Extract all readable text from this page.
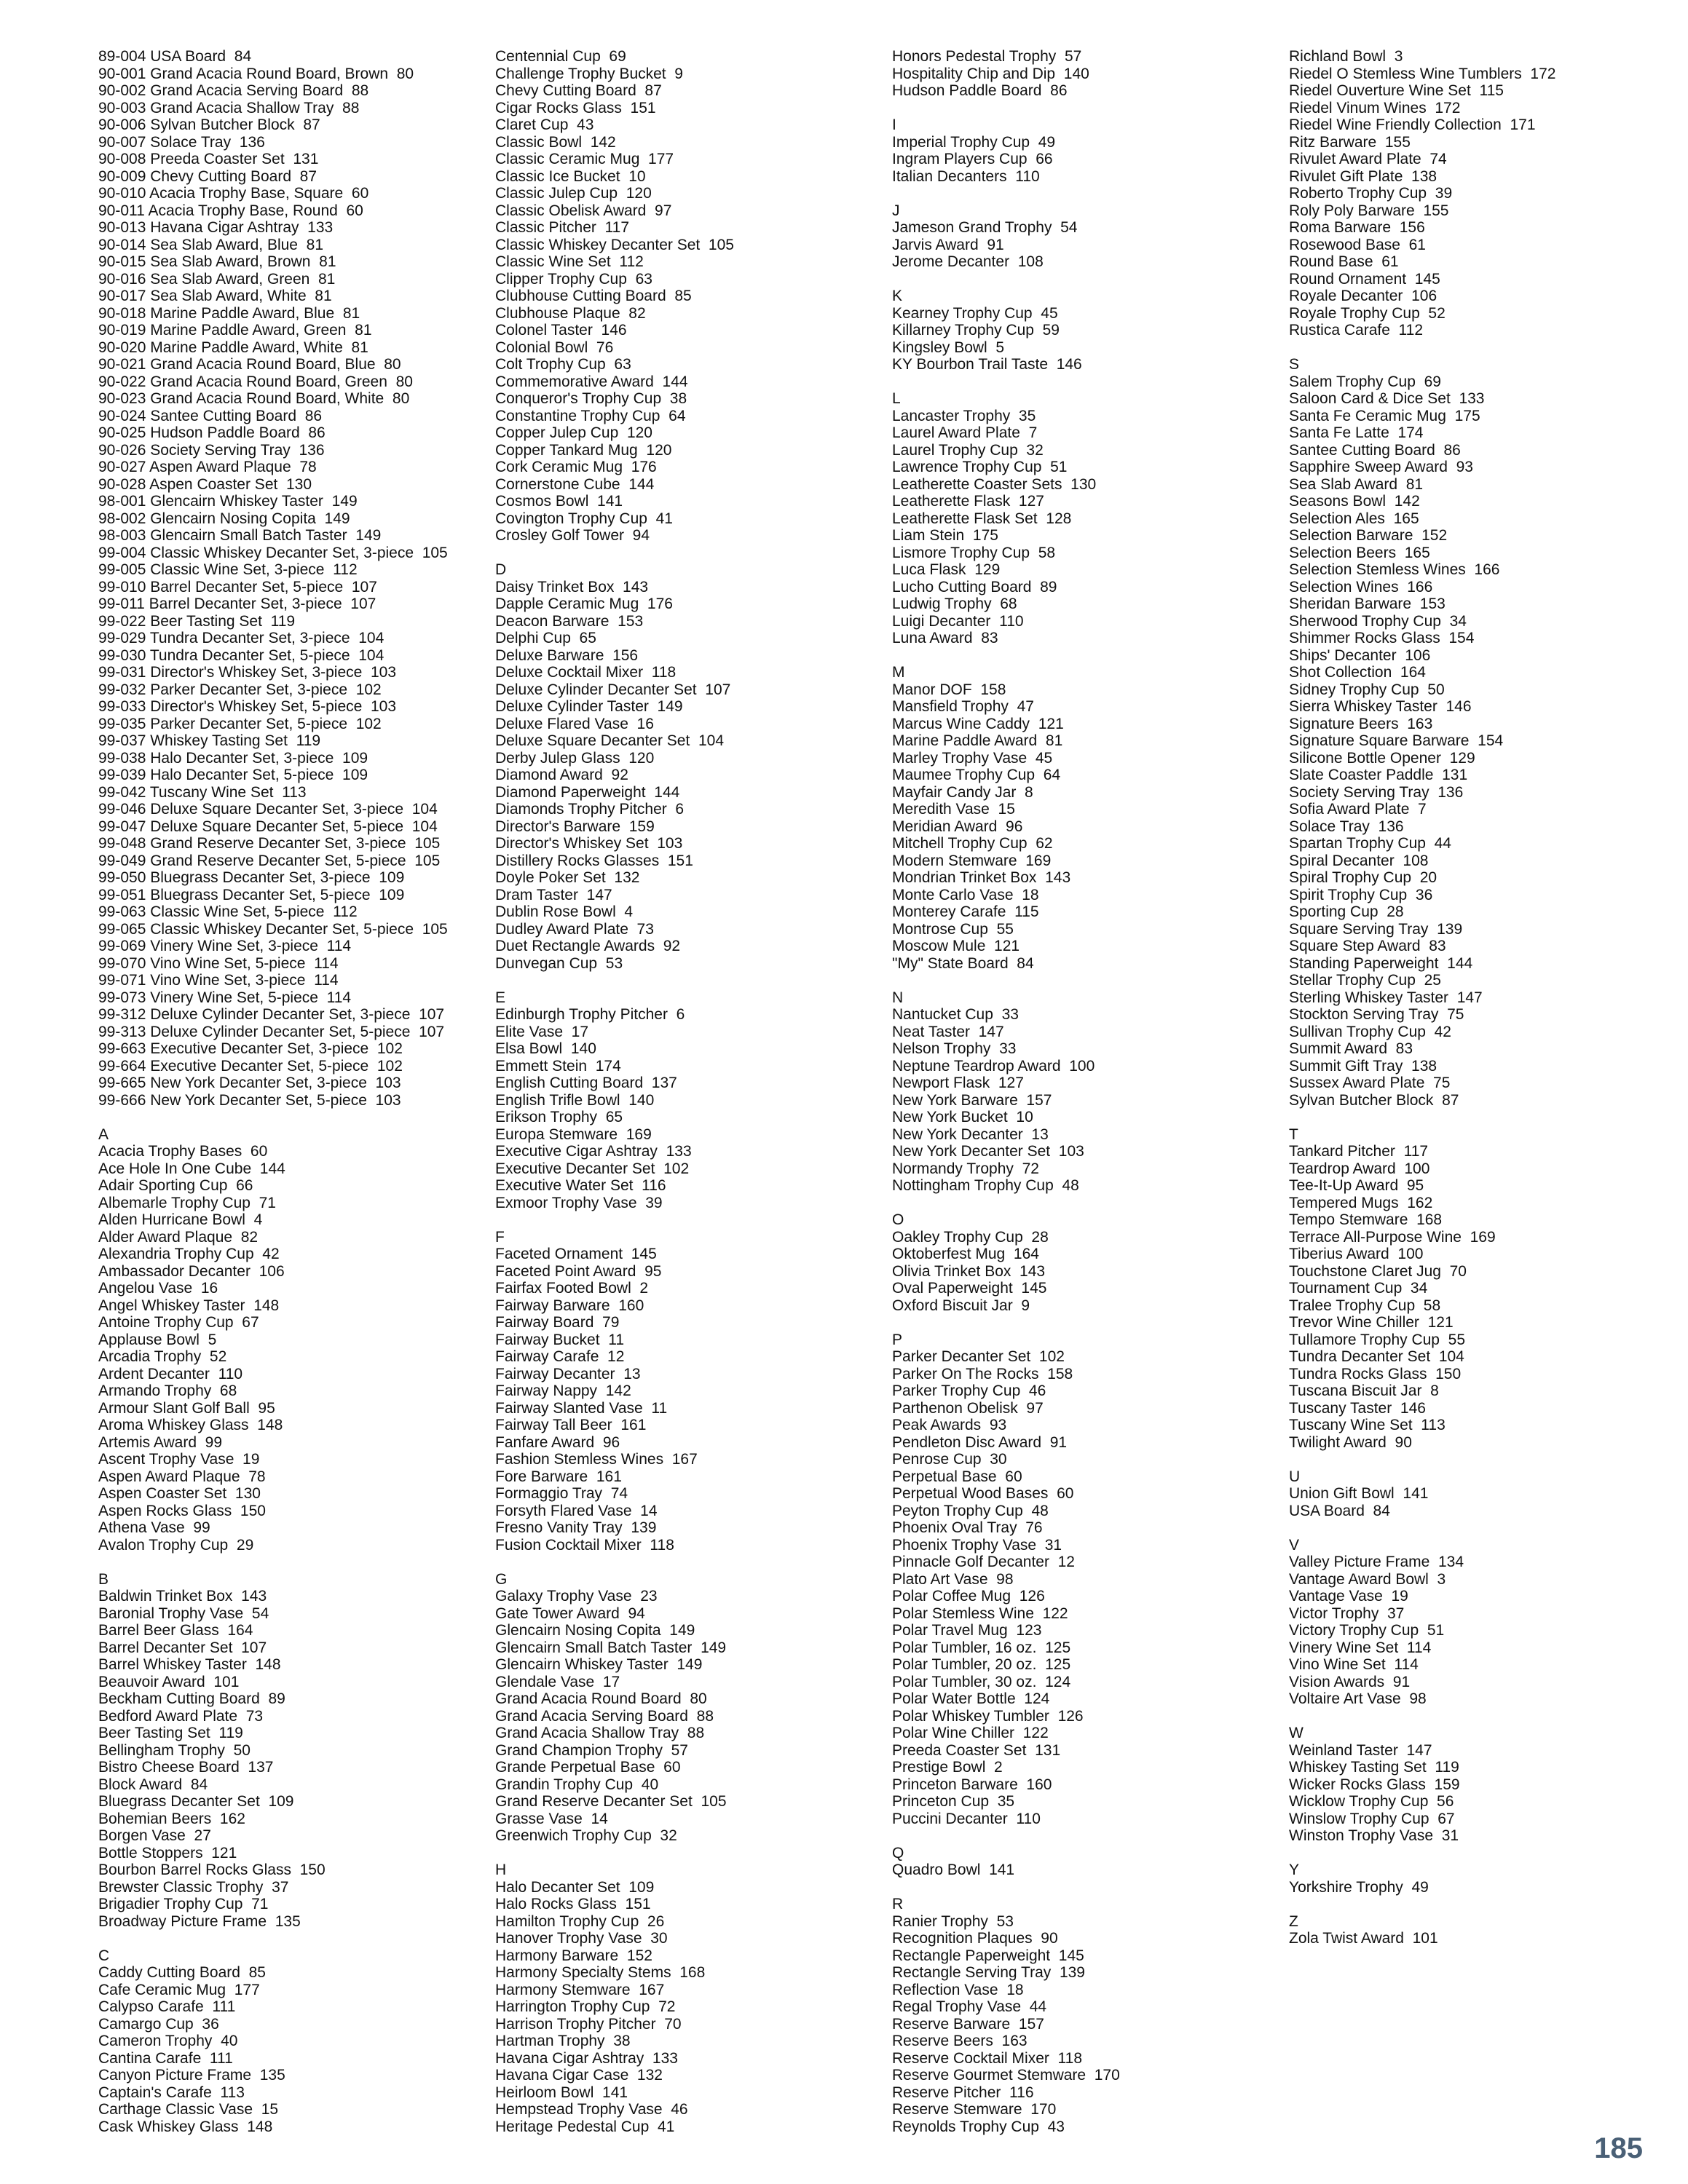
89-004 USA Board  84
90-001 Grand Acacia Round Board, Brown  80
90-002 Grand Acacia Serving Board  88
90-003 Grand Acacia Shallow Tray  88
90-006 Sylvan Butcher Block  87
90-007 Solace Tray  136
90-008 Preeda Coaster Set  131
90-009 Chevy Cutting Board  87
90-010 Acacia Trophy Base, Square  60
90-011 Acacia Trophy Base, Round  60
90-013 Havana Cigar Ashtray  133
90-014 Sea Slab Award, Blue  81
90-015 Sea Slab Award, Brown  81
90-016 Sea Slab Award, Green  81
90-017 Sea Slab Award, White  81
90-018 Marine Paddle Award, Blue  81
90-019 Marine Paddle Award, Green  81
90-020 Marine Paddle Award, White  81
90-021 Grand Acacia Round Board, Blue  80
90-022 Grand Acacia Round Board, Green  80
90-023 Grand Acacia Round Board, White  80
90-024 Santee Cutting Board  86
90-025 Hudson Paddle Board  86
90-026 Society Serving Tray  136
90-027 Aspen Award Plaque  78
90-028 Aspen Coaster Set  130
98-001 Glencairn Whiskey Taster  149
98-002 Glencairn Nosing Copita  149
98-003 Glencairn Small Batch Taster  149
99-004 Classic Whiskey Decanter Set, 3-piece  105
99-005 Classic Wine Set, 3-piece  112
99-010 Barrel Decanter Set, 5-piece  107
99-011 Barrel Decanter Set, 3-piece  107
99-022 Beer Tasting Set  119
99-029 Tundra Decanter Set, 3-piece  104
99-030 Tundra Decanter Set, 5-piece  104
99-031 Director's Whiskey Set, 3-piece  103
99-032 Parker Decanter Set, 3-piece  102
99-033 Director's Whiskey Set, 5-piece  103
99-035 Parker Decanter Set, 5-piece  102
99-037 Whiskey Tasting Set  119
99-038 Halo Decanter Set, 3-piece  109
99-039 Halo Decanter Set, 5-piece  109
99-042 Tuscany Wine Set  113
99-046 Deluxe Square Decanter Set, 3-piece  104
99-047 Deluxe Square Decanter Set, 5-piece  104
99-048 Grand Reserve Decanter Set, 3-piece  105
99-049 Grand Reserve Decanter Set, 5-piece  105
99-050 Bluegrass Decanter Set, 3-piece  109
99-051 Bluegrass Decanter Set, 5-piece  109
99-063 Classic Wine Set, 5-piece  112
99-065 Classic Whiskey Decanter Set, 5-piece  105
99-069 Vinery Wine Set, 3-piece  114
99-070 Vino Wine Set, 5-piece  114
99-071 Vino Wine Set, 3-piece  114
99-073 Vinery Wine Set, 5-piece  114
99-312 Deluxe Cylinder Decanter Set, 3-piece  107
99-313 Deluxe Cylinder Decanter Set, 5-piece  107
99-663 Executive Decanter Set, 3-piece  102
99-664 Executive Decanter Set, 5-piece  102
99-665 New York Decanter Set, 3-piece  103
99-666 New York Decanter Set, 5-piece  103
A
Acacia Trophy Bases  60
Ace Hole In One Cube  144
Adair Sporting Cup  66
Albemarle Trophy Cup  71
Alden Hurricane Bowl  4
Alder Award Plaque  82
Alexandria Trophy Cup  42
Ambassador Decanter  106
Angelou Vase  16
Angel Whiskey Taster  148
Antoine Trophy Cup  67
Applause Bowl  5
Arcadia Trophy  52
Ardent Decanter  110
Armando Trophy  68
Armour Slant Golf Ball  95
Aroma Whiskey Glass  148
Artemis Award  99
Ascent Trophy Vase  19
Aspen Award Plaque  78
Aspen Coaster Set  130
Aspen Rocks Glass  150
Athena Vase  99
Avalon Trophy Cup  29
B
Baldwin Trinket Box  143
Baronial Trophy Vase  54
Barrel Beer Glass  164
Barrel Decanter Set  107
Barrel Whiskey Taster  148
Beauvoir Award  101
Beckham Cutting Board  89
Bedford Award Plate  73
Beer Tasting Set  119
Bellingham Trophy  50
Bistro Cheese Board  137
Block Award  84
Bluegrass Decanter Set  109
Bohemian Beers  162
Borgen Vase  27
Bottle Stoppers  121
Bourbon Barrel Rocks Glass  150
Brewster Classic Trophy  37
Brigadier Trophy Cup  71
Broadway Picture Frame  135
C
Caddy Cutting Board  85
Cafe Ceramic Mug  177
Calypso Carafe  111
Camargo Cup  36
Cameron Trophy  40
Cantina Carafe  111
Canyon Picture Frame  135
Captain's Carafe  113
Carthage Classic Vase  15
Cask Whiskey Glass  148
Centennial Cup  69
Challenge Trophy Bucket  9
Chevy Cutting Board  87
Cigar Rocks Glass  151
Claret Cup  43
Classic Bowl  142
Classic Ceramic Mug  177
Classic Ice Bucket  10
Classic Julep Cup  120
Classic Obelisk Award  97
Classic Pitcher  117
Classic Whiskey Decanter Set  105
Classic Wine Set  112
Clipper Trophy Cup  63
Clubhouse Cutting Board  85
Clubhouse Plaque  82
Colonel Taster  146
Colonial Bowl  76
Colt Trophy Cup  63
Commemorative Award  144
Conqueror's Trophy Cup  38
Constantine Trophy Cup  64
Copper Julep Cup  120
Copper Tankard Mug  120
Cork Ceramic Mug  176
Cornerstone Cube  144
Cosmos Bowl  141
Covington Trophy Cup  41
Crosley Golf Tower  94
D
Daisy Trinket Box  143
Dapple Ceramic Mug  176
Deacon Barware  153
Delphi Cup  65
Deluxe Barware  156
Deluxe Cocktail Mixer  118
Deluxe Cylinder Decanter Set  107
Deluxe Cylinder Taster  149
Deluxe Flared Vase  16
Deluxe Square Decanter Set  104
Derby Julep Glass  120
Diamond Award  92
Diamond Paperweight  144
Diamonds Trophy Pitcher  6
Director's Barware  159
Director's Whiskey Set  103
Distillery Rocks Glasses  151
Doyle Poker Set  132
Dram Taster  147
Dublin Rose Bowl  4
Dudley Award Plate  73
Duet Rectangle Awards  92
Dunvegan Cup  53
E
Edinburgh Trophy Pitcher  6
Elite Vase  17
Elsa Bowl  140
Emmett Stein  174
English Cutting Board  137
English Trifle Bowl  140
Erikson Trophy  65
Europa Stemware  169
Executive Cigar Ashtray  133
Executive Decanter Set  102
Executive Water Set  116
Exmoor Trophy Vase  39
F
Faceted Ornament  145
Faceted Point Award  95
Fairfax Footed Bowl  2
Fairway Barware  160
Fairway Board  79
Fairway Bucket  11
Fairway Carafe  12
Fairway Decanter  13
Fairway Nappy  142
Fairway Slanted Vase  11
Fairway Tall Beer  161
Fanfare Award  96
Fashion Stemless Wines  167
Fore Barware  161
Formaggio Tray  74
Forsyth Flared Vase  14
Fresno Vanity Tray  139
Fusion Cocktail Mixer  118
G
Galaxy Trophy Vase  23
Gate Tower Award  94
Glencairn Nosing Copita  149
Glencairn Small Batch Taster  149
Glencairn Whiskey Taster  149
Glendale Vase  17
Grand Acacia Round Board  80
Grand Acacia Serving Board  88
Grand Acacia Shallow Tray  88
Grand Champion Trophy  57
Grande Perpetual Base  60
Grandin Trophy Cup  40
Grand Reserve Decanter Set  105
Grasse Vase  14
Greenwich Trophy Cup  32
H
Halo Decanter Set  109
Halo Rocks Glass  151
Hamilton Trophy Cup  26
Hanover Trophy Vase  30
Harmony Barware  152
Harmony Specialty Stems  168
Harmony Stemware  167
Harrington Trophy Cup  72
Harrison Trophy Pitcher  70
Hartman Trophy  38
Havana Cigar Ashtray  133
Havana Cigar Case  132
Heirloom Bowl  141
Hempstead Trophy Vase  46
Heritage Pedestal Cup  41
Honors Pedestal Trophy  57
Hospitality Chip and Dip  140
Hudson Paddle Board  86
I
Imperial Trophy Cup  49
Ingram Players Cup  66
Italian Decanters  110
J
Jameson Grand Trophy  54
Jarvis Award  91
Jerome Decanter  108
K
Kearney Trophy Cup  45
Killarney Trophy Cup  59
Kingsley Bowl  5
KY Bourbon Trail Taste  146
L
Lancaster Trophy  35
Laurel Award Plate  7
Laurel Trophy Cup  32
Lawrence Trophy Cup  51
Leatherette Coaster Sets  130
Leatherette Flask  127
Leatherette Flask Set  128
Liam Stein  175
Lismore Trophy Cup  58
Luca Flask  129
Lucho Cutting Board  89
Ludwig Trophy  68
Luigi Decanter  110
Luna Award  83
M
Manor DOF  158
Mansfield Trophy  47
Marcus Wine Caddy  121
Marine Paddle Award  81
Marley Trophy Vase  45
Maumee Trophy Cup  64
Mayfair Candy Jar  8
Meredith Vase  15
Meridian Award  96
Mitchell Trophy Cup  62
Modern Stemware  169
Mondrian Trinket Box  143
Monte Carlo Vase  18
Monterey Carafe  115
Montrose Cup  55
Moscow Mule  121
"My" State Board  84
N
Nantucket Cup  33
Neat Taster  147
Nelson Trophy  33
Neptune Teardrop Award  100
Newport Flask  127
New York Barware  157
New York Bucket  10
New York Decanter  13
New York Decanter Set  103
Normandy Trophy  72
Nottingham Trophy Cup  48
O
Oakley Trophy Cup  28
Oktoberfest Mug  164
Olivia Trinket Box  143
Oval Paperweight  145
Oxford Biscuit Jar  9
P
Parker Decanter Set  102
Parker On The Rocks  158
Parker Trophy Cup  46
Parthenon Obelisk  97
Peak Awards  93
Pendleton Disc Award  91
Penrose Cup  30
Perpetual Base  60
Perpetual Wood Bases  60
Peyton Trophy Cup  48
Phoenix Oval Tray  76
Phoenix Trophy Vase  31
Pinnacle Golf Decanter  12
Plato Art Vase  98
Polar Coffee Mug  126
Polar Stemless Wine  122
Polar Travel Mug  123
Polar Tumbler, 16 oz.  125
Polar Tumbler, 20 oz.  125
Polar Tumbler, 30 oz.  124
Polar Water Bottle  124
Polar Whiskey Tumbler  126
Polar Wine Chiller  122
Preeda Coaster Set  131
Prestige Bowl  2
Princeton Barware  160
Princeton Cup  35
Puccini Decanter  110
Q
Quadro Bowl  141
R
Ranier Trophy  53
Recognition Plaques  90
Rectangle Paperweight  145
Rectangle Serving Tray  139
Reflection Vase  18
Regal Trophy Vase  44
Reserve Barware  157
Reserve Beers  163
Reserve Cocktail Mixer  118
Reserve Gourmet Stemware  170
Reserve Pitcher  116
Reserve Stemware  170
Reynolds Trophy Cup  43
Richland Bowl  3
Riedel O Stemless Wine Tumblers  172
Riedel Ouverture Wine Set  115
Riedel Vinum Wines  172
Riedel Wine Friendly Collection  171
Ritz Barware  155
Rivulet Award Plate  74
Rivulet Gift Plate  138
Roberto Trophy Cup  39
Roly Poly Barware  155
Roma Barware  156
Rosewood Base  61
Round Base  61
Round Ornament  145
Royale Decanter  106
Royale Trophy Cup  52
Rustica Carafe  112
S
Salem Trophy Cup  69
Saloon Card & Dice Set  133
Santa Fe Ceramic Mug  175
Santa Fe Latte  174
Santee Cutting Board  86
Sapphire Sweep Award  93
Sea Slab Award  81
Seasons Bowl  142
Selection Ales  165
Selection Barware  152
Selection Beers  165
Selection Stemless Wines  166
Selection Wines  166
Sheridan Barware  153
Sherwood Trophy Cup  34
Shimmer Rocks Glass  154
Ships' Decanter  106
Shot Collection  164
Sidney Trophy Cup  50
Sierra Whiskey Taster  146
Signature Beers  163
Signature Square Barware  154
Silicone Bottle Opener  129
Slate Coaster Paddle  131
Society Serving Tray  136
Sofia Award Plate  7
Solace Tray  136
Spartan Trophy Cup  44
Spiral Decanter  108
Spiral Trophy Cup  20
Spirit Trophy Cup  36
Sporting Cup  28
Square Serving Tray  139
Square Step Award  83
Standing Paperweight  144
Stellar Trophy Cup  25
Sterling Whiskey Taster  147
Stockton Serving Tray  75
Sullivan Trophy Cup  42
Summit Award  83
Summit Gift Tray  138
Sussex Award Plate  75
Sylvan Butcher Block  87
T
Tankard Pitcher  117
Teardrop Award  100
Tee-It-Up Award  95
Tempered Mugs  162
Tempo Stemware  168
Terrace All-Purpose Wine  169
Tiberius Award  100
Touchstone Claret Jug  70
Tournament Cup  34
Tralee Trophy Cup  58
Trevor Wine Chiller  121
Tullamore Trophy Cup  55
Tundra Decanter Set  104
Tundra Rocks Glass  150
Tuscana Biscuit Jar  8
Tuscany Taster  146
Tuscany Wine Set  113
Twilight Award  90
U
Union Gift Bowl  141
USA Board  84
V
Valley Picture Frame  134
Vantage Award Bowl  3
Vantage Vase  19
Victor Trophy  37
Victory Trophy Cup  51
Vinery Wine Set  114
Vino Wine Set  114
Vision Awards  91
Voltaire Art Vase  98
W
Weinland Taster  147
Whiskey Tasting Set  119
Wicker Rocks Glass  159
Wicklow Trophy Cup  56
Winslow Trophy Cup  67
Winston Trophy Vase  31
Y
Yorkshire Trophy  49
Z
Zola Twist Award  101
185
